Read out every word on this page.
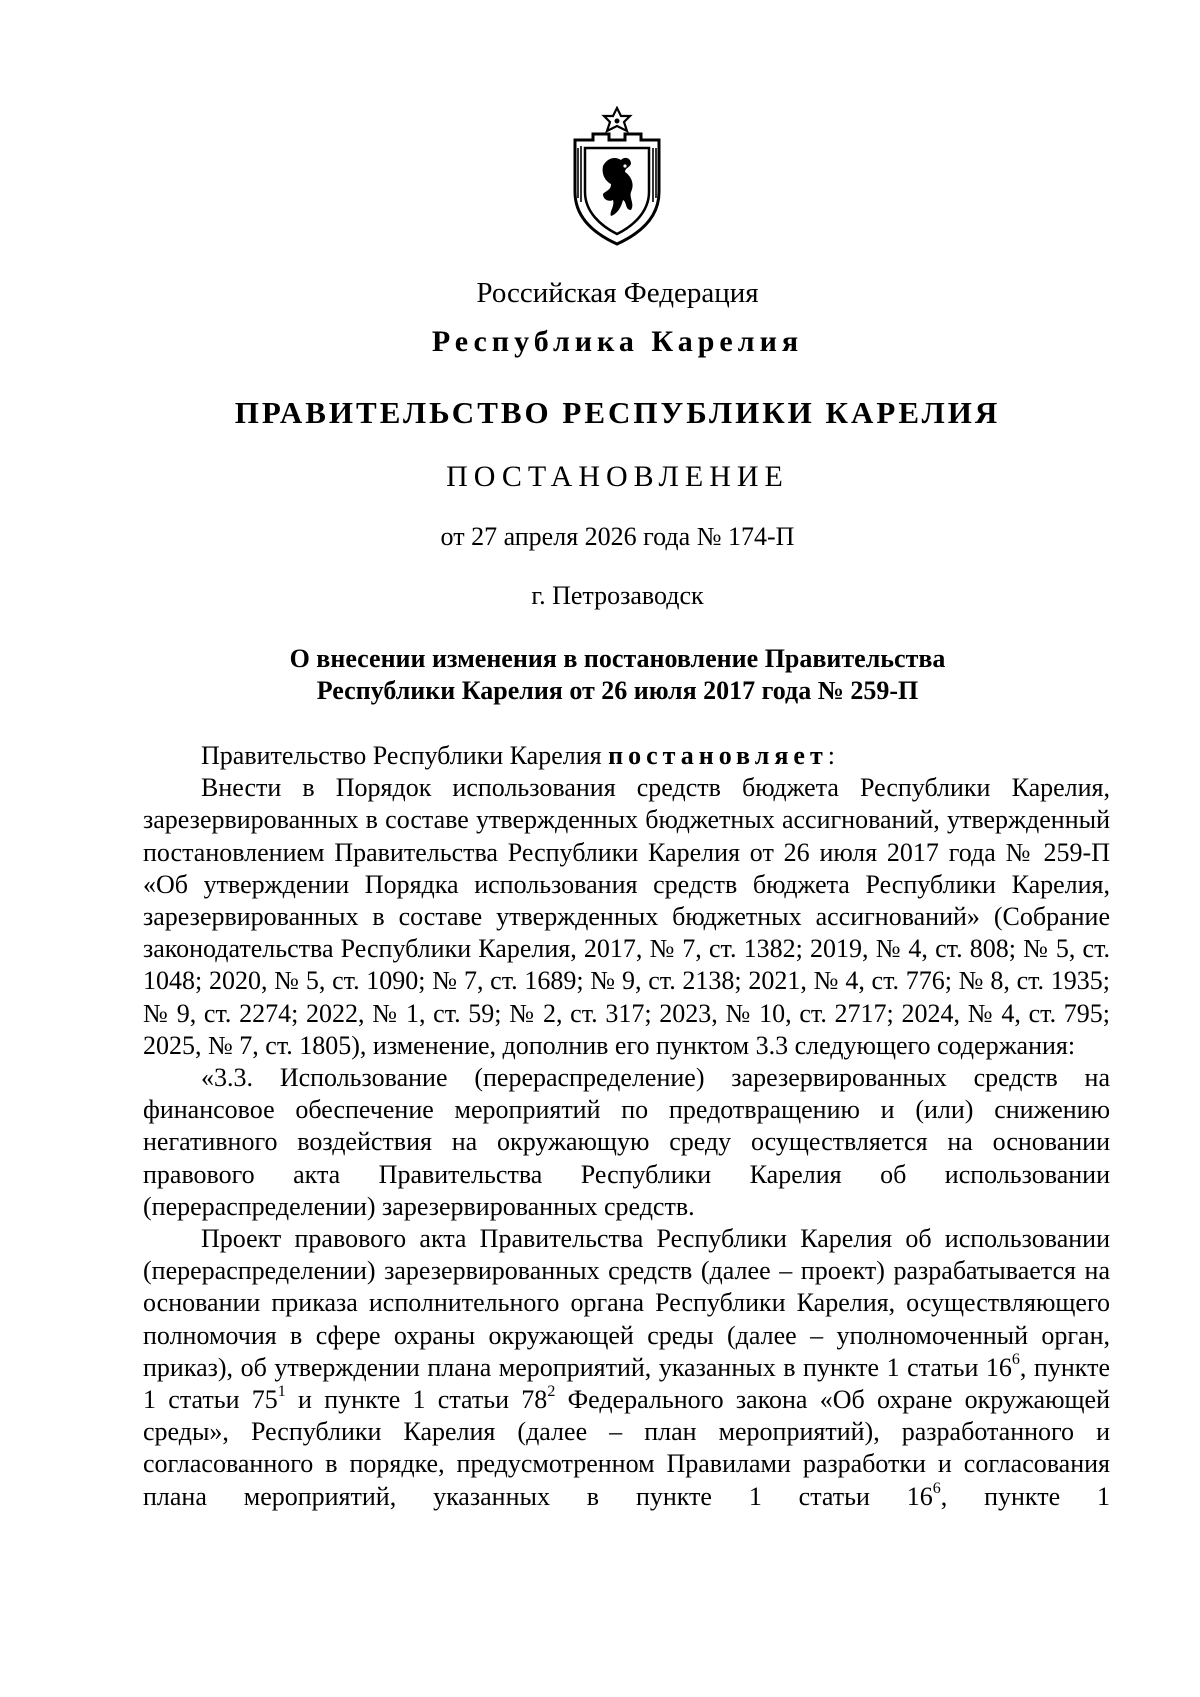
Российская Федерация
Республика Карелия
ПРАВИТЕЛЬСТВО РЕСПУБЛИКИ КАРЕЛИЯ
ПОСТАНОВЛЕНИЕ
от 27 апреля 2026 года № 174-П
г. Петрозаводск
О внесении изменения в постановление Правительства
Республики Карелия от 26 июля 2017 года № 259-П

Правительство Республики Карелия постановляет:

Внести в Порядок использования средств бюджета Республики Карелия, зарезервированных в составе утвержденных бюджетных ассигнований, утвержденный постановлением Правительства Республики Карелия от 26 июля 2017 года № 259-П «Об утверждении Порядка использования средств бюджета Республики Карелия, зарезервированных в составе утвержденных бюджетных ассигнований» (Собрание законодательства Республики Карелия, 2017, № 7, ст. 1382; 2019, № 4, ст. 808; № 5, ст. 1048; 2020, № 5, ст. 1090; № 7, ст. 1689; № 9, ст. 2138; 2021, № 4, ст. 776; № 8, ст. 1935; № 9, ст. 2274; 2022, № 1, ст. 59; № 2, ст. 317; 2023, № 10, ст. 2717; 2024, № 4, ст. 795; 2025, № 7, ст. 1805), изменение, дополнив его пунктом 3.3 следующего содержания:

«3.3. Использование (перераспределение) зарезервированных средств на финансовое обеспечение мероприятий по предотвращению и (или) снижению негативного воздействия на окружающую среду осуществляется на основании правового акта Правительства Республики Карелия об использовании (перераспределении) зарезервированных средств.

Проект правового акта Правительства Республики Карелия об использовании (перераспределении) зарезервированных средств (далее – проект) разрабатывается на основании приказа исполнительного органа Республики Карелия, осуществляющего полномочия в сфере охраны окружающей среды (далее – уполномоченный орган, приказ), об утверждении плана мероприятий, указанных в пункте 1 статьи $16^6$, пункте 1 статьи $75^1$ и пункте 1 статьи $78^2$ Федерального закона «Об охране окружающей среды», Республики Карелия (далее – план мероприятий), разработанного и согласованного в порядке, предусмотренном Правилами разработки и согласования плана мероприятий, указанных в пункте 1 статьи $16^6$, пункте 1
